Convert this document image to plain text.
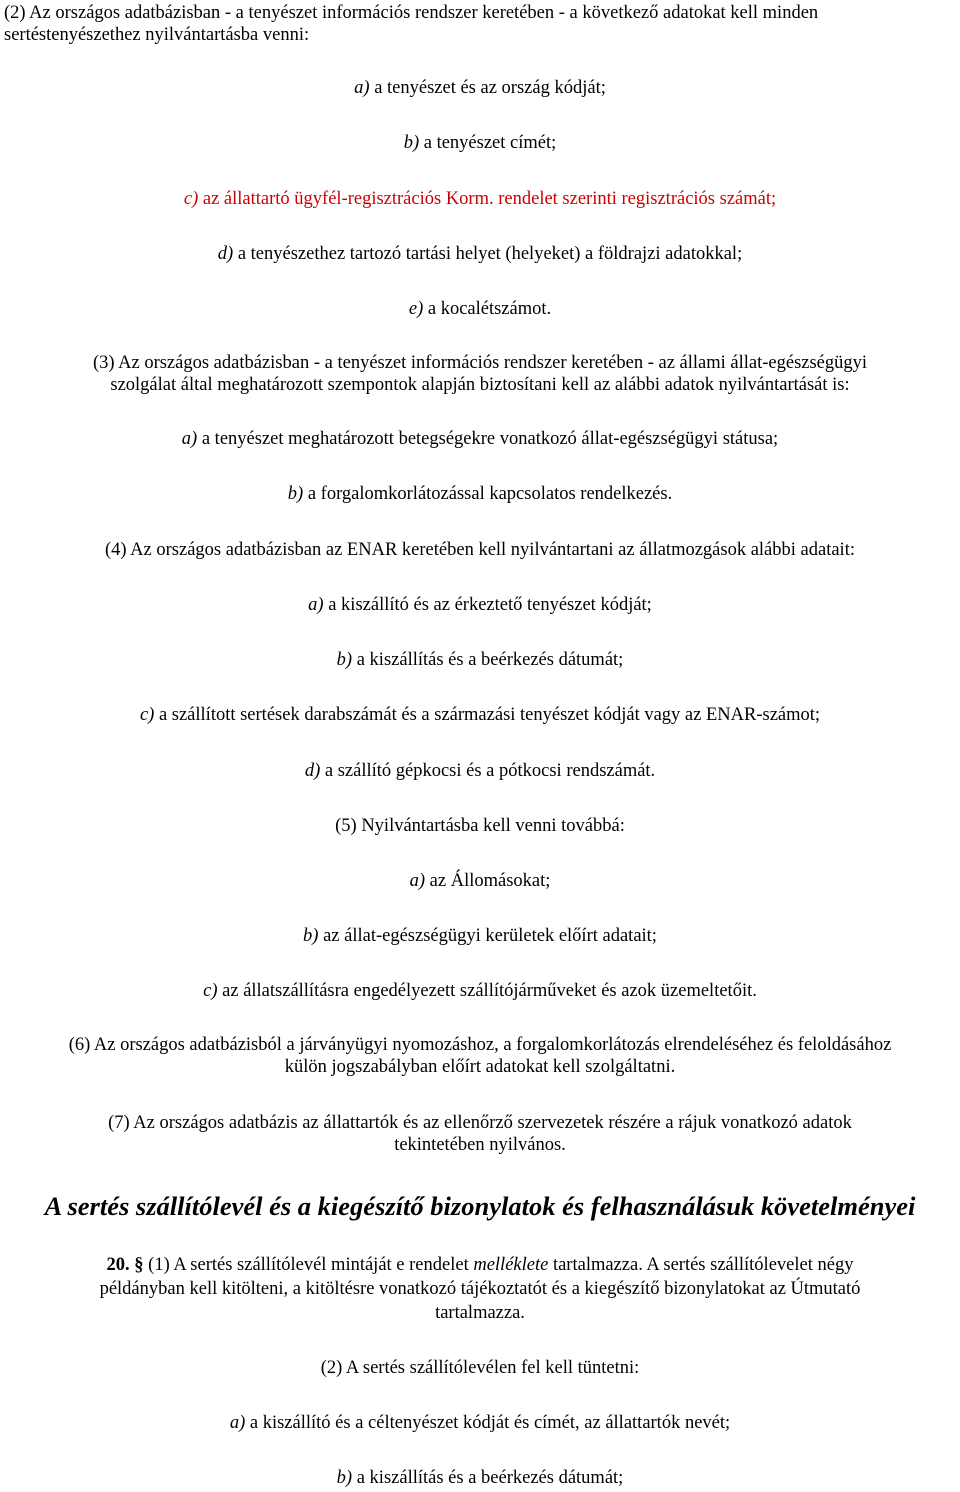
(2) Az országos adatbázisban - a tenyészet információs rendszer keretében - a következő adatokat kell minden
sertéstenyészethez nyilvántartásba venni:
a) a tenyészet és az ország kódját;
b) a tenyészet címét;
c) az állattartó ügyfél-regisztrációs Korm. rendelet szerinti regisztrációs számát;
d) a tenyészethez tartozó tartási helyet (helyeket) a földrajzi adatokkal;
e) a kocalétszámot.
(3) Az országos adatbázisban - a tenyészet információs rendszer keretében - az állami állat-egészségügyi
szolgálat által meghatározott szempontok alapján biztosítani kell az alábbi adatok nyilvántartását is:
a) a tenyészet meghatározott betegségekre vonatkozó állat-egészségügyi státusa;
b) a forgalomkorlátozással kapcsolatos rendelkezés.
(4) Az országos adatbázisban az ENAR keretében kell nyilvántartani az állatmozgások alábbi adatait:
a) a kiszállító és az érkeztető tenyészet kódját;
b) a kiszállítás és a beérkezés dátumát;
c) a szállított sertések darabszámát és a származási tenyészet kódját vagy az ENAR-számot;
d) a szállító gépkocsi és a pótkocsi rendszámát.
(5) Nyilvántartásba kell venni továbbá:
a) az Állomásokat;
b) az állat-egészségügyi kerületek előírt adatait;
c) az állatszállításra engedélyezett szállítójárműveket és azok üzemeltetőit.
(6) Az országos adatbázisból a járványügyi nyomozáshoz, a forgalomkorlátozás elrendeléséhez és feloldásához
külön jogszabályban előírt adatokat kell szolgáltatni.
(7) Az országos adatbázis az állattartók és az ellenőrző szervezetek részére a rájuk vonatkozó adatok
tekintetében nyilvános.
A sertés szállítólevél és a kiegészítő bizonylatok és felhasználásuk követelményei
20. § (1) A sertés szállítólevél mintáját e rendelet melléklete tartalmazza. A sertés szállítólevelet négy
példányban kell kitölteni, a kitöltésre vonatkozó tájékoztatót és a kiegészítő bizonylatokat az Útmutató
tartalmazza.
(2) A sertés szállítólevélen fel kell tüntetni:
a) a kiszállító és a céltenyészet kódját és címét, az állattartók nevét;
b) a kiszállítás és a beérkezés dátumát;
